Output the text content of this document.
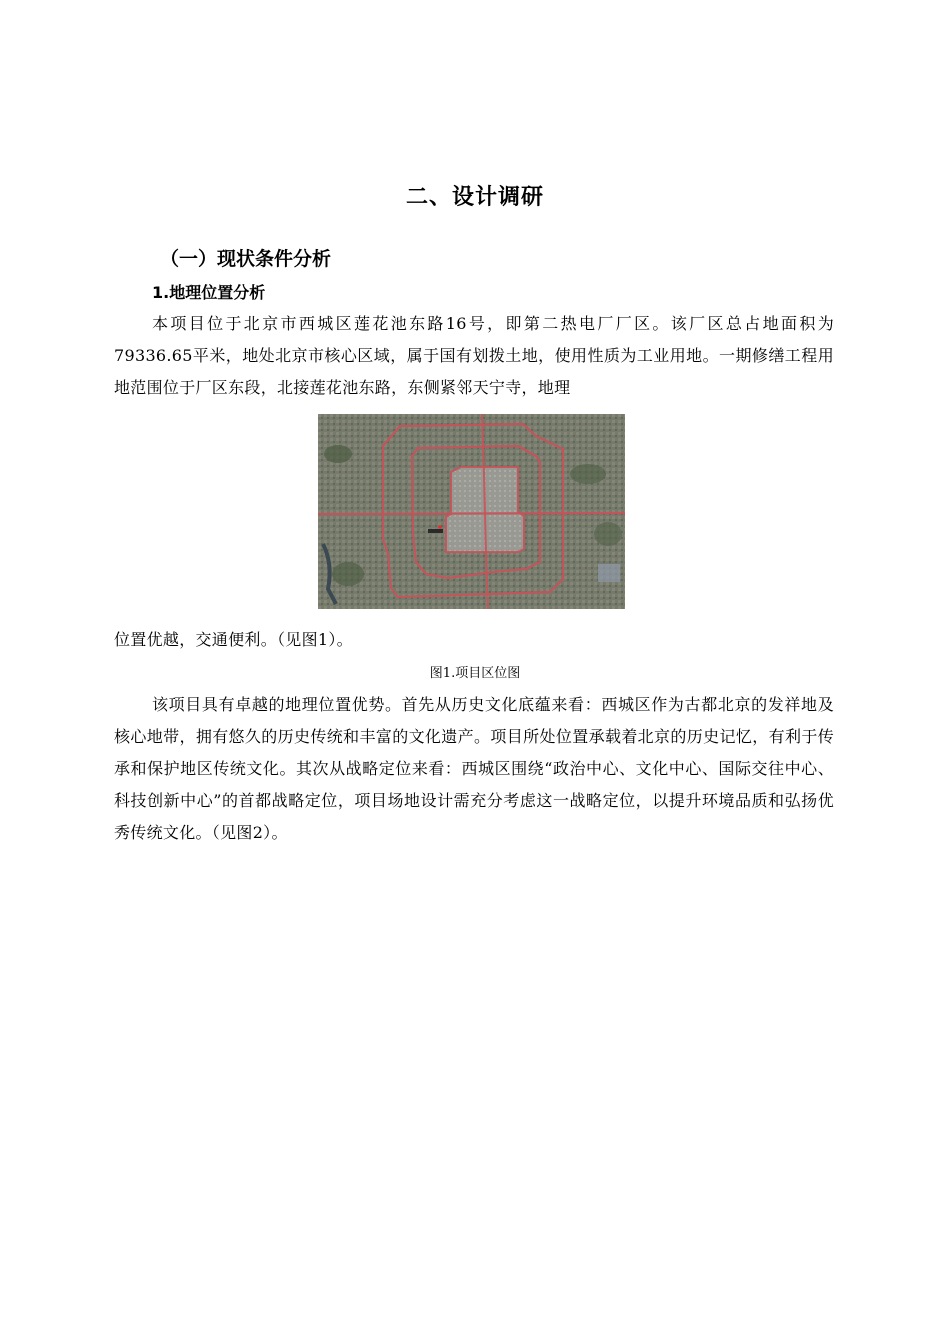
二、设计调研
（一）现状条件分析
1.地理位置分析
本项目位于北京市西城区莲花池东路16号，即第二热电厂厂区。该厂区总占地面积为79336.65平米，地处北京市核心区域，属于国有划拨土地，使用性质为工业用地。一期修缮工程用地范围位于厂区东段，北接莲花池东路，东侧紧邻天宁寺，地理
位置优越，交通便利。（见图1）。
图1.项目区位图
该项目具有卓越的地理位置优势。首先从历史文化底蕴来看：西城区作为古都北京的发祥地及核心地带，拥有悠久的历史传统和丰富的文化遗产。项目所处位置承载着北京的历史记忆，有利于传承和保护地区传统文化。其次从战略定位来看：西城区围绕“政治中心、文化中心、国际交往中心、科技创新中心”的首都战略定位，项目场地设计需充分考虑这一战略定位，以提升环境品质和弘扬优秀传统文化。（见图2）。
